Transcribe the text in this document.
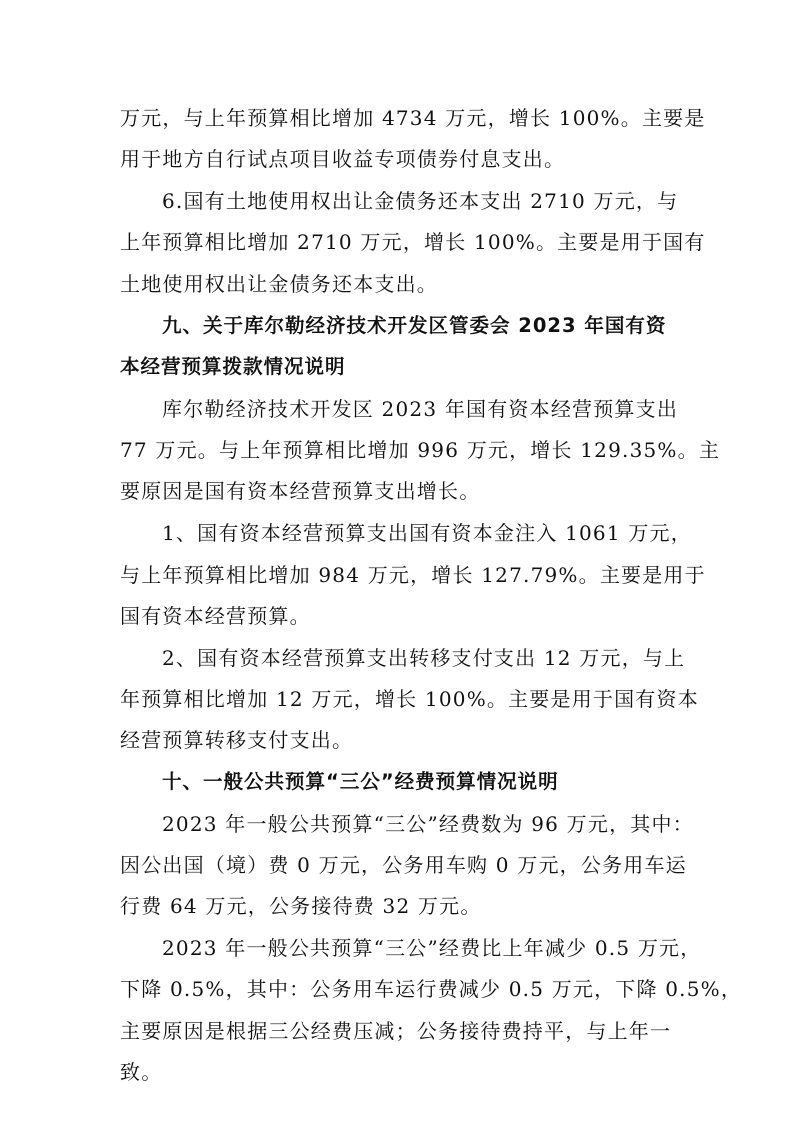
万元，与上年预算相比增加 4734 万元，增长 100%。主要是
用于地方自行试点项目收益专项债券付息支出。
6.国有土地使用权出让金债务还本支出 2710 万元，与
上年预算相比增加 2710 万元，增长 100%。主要是用于国有
土地使用权出让金债务还本支出。
九、关于库尔勒经济技术开发区管委会 2023 年国有资
本经营预算拨款情况说明
库尔勒经济技术开发区 2023 年国有资本经营预算支出
77 万元。与上年预算相比增加 996 万元，增长 129.35%。主
要原因是国有资本经营预算支出增长。
1、国有资本经营预算支出国有资本金注入 1061 万元，
与上年预算相比增加 984 万元，增长 127.79%。主要是用于
国有资本经营预算。
2、国有资本经营预算支出转移支付支出 12 万元，与上
年预算相比增加 12 万元，增长 100%。主要是用于国有资本
经营预算转移支付支出。
十、一般公共预算“三公”经费预算情况说明
2023 年一般公共预算“三公”经费数为 96 万元，其中：
因公出国（境）费 0 万元，公务用车购 0 万元，公务用车运
行费 64 万元，公务接待费 32 万元。
2023 年一般公共预算“三公”经费比上年减少 0.5 万元，
下降 0.5%，其中：公务用车运行费减少 0.5 万元，下降 0.5%，
主要原因是根据三公经费压减；公务接待费持平，与上年一
致。
